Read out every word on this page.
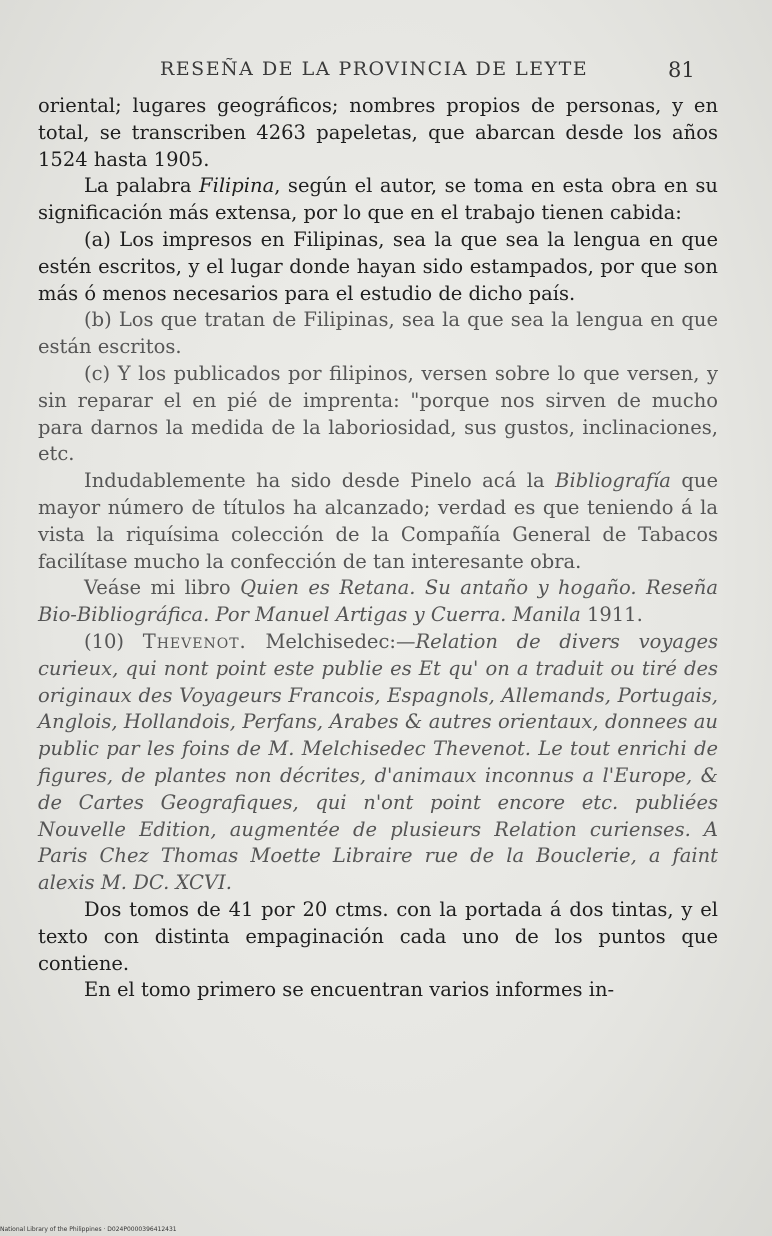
RESEÑA DE LA PROVINCIA DE LEYTE	81

oriental; lugares geográficos; nombres propios de personas, y en total, se transcriben 4263 papeletas, que abarcan desde los años 1524 hasta 1905.

La palabra Filipina, según el autor, se toma en esta obra en su significación más extensa, por lo que en el trabajo tienen cabida:

(a) Los impresos en Filipinas, sea la que sea la lengua en que estén escritos, y el lugar donde hayan sido estampados, por que son más ó menos necesarios para el estudio de dicho país.

(b) Los que tratan de Filipinas, sea la que sea la lengua en que están escritos.

(c) Y los publicados por filipinos, versen sobre lo que versen, y sin reparar el en pié de imprenta: "porque nos sirven de mucho para darnos la medida de la laboriosidad, sus gustos, inclinaciones, etc.

Indudablemente ha sido desde Pinelo acá la Bibliografía que mayor número de títulos ha alcanzado; verdad es que teniendo á la vista la riquísima colección de la Compañía General de Tabacos facilítase mucho la confección de tan interesante obra.

Veáse mi libro Quien es Retana. Su antaño y hogaño. Reseña Bio-Bibliográfica. Por Manuel Artigas y Cuerra. Manila 1911.

(10) Thevenot. Melchisedec:—Relation de divers voyages curieux, qui nont point este publie es Et qu' on a traduit ou tiré des originaux des Voyageurs Francois, Espagnols, Allemands, Portugais, Anglois, Hollandois, Perfans, Arabes & autres orientaux, donnees au public par les foins de M. Melchisedec Thevenot. Le tout enrichi de figures, de plantes non décrites, d'animaux inconnus a l'Europe, & de Cartes Geografiques, qui n'ont point encore etc. publiées Nouvelle Edition, augmentée de plusieurs Relation curienses. A Paris Chez Thomas Moette Libraire rue de la Bouclerie, a faint alexis M. DC. XCVI.

Dos tomos de 41 por 20 ctms. con la portada á dos tintas, y el texto con distinta empaginación cada uno de los puntos que contiene.

En el tomo primero se encuentran varios informes in-

National Library of the Philippines · D024P0000396412431
